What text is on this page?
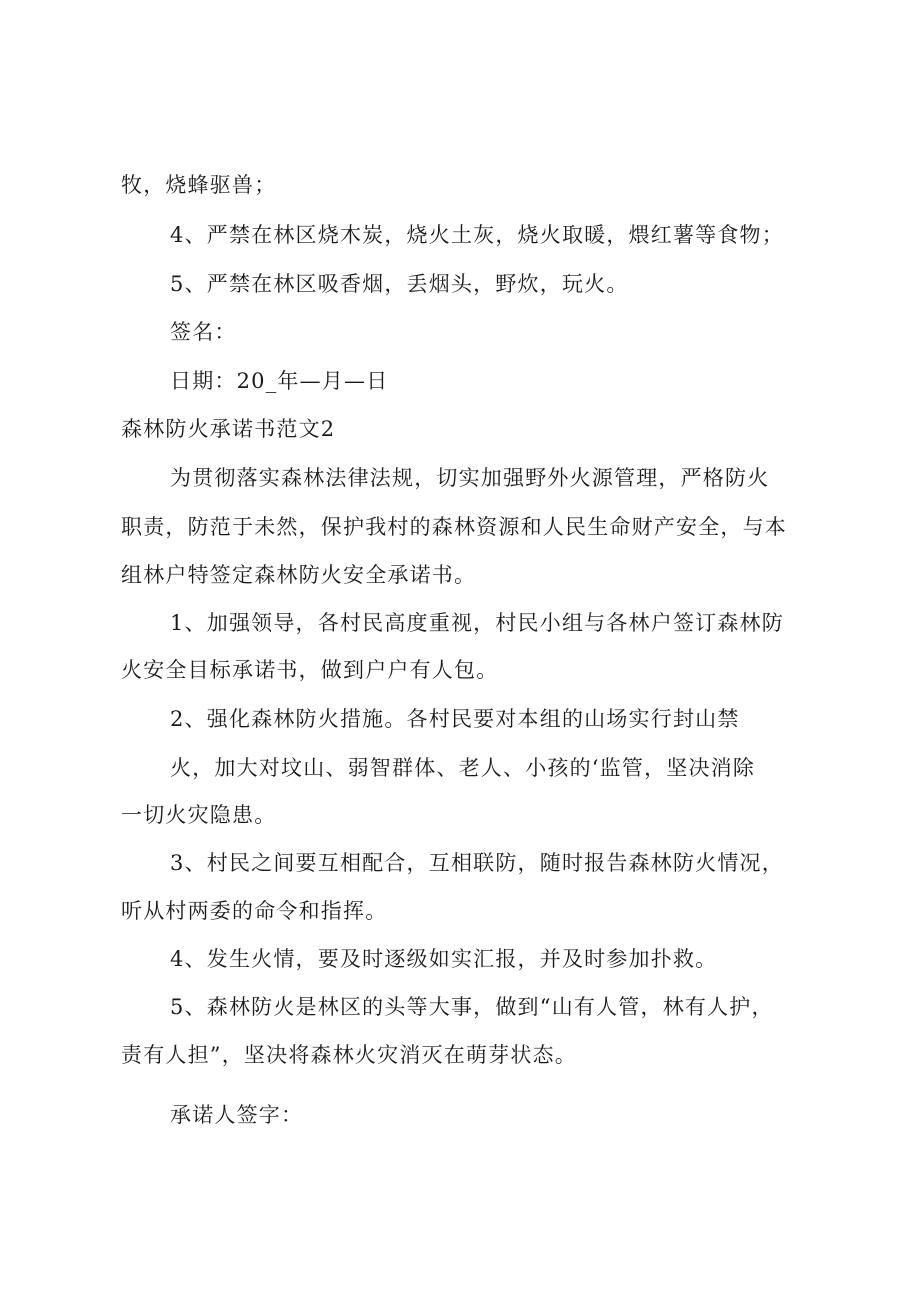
牧，烧蜂驱兽；
4、严禁在林区烧木炭，烧火土灰，烧火取暖，煨红薯等食物；
5、严禁在林区吸香烟，丢烟头，野炊，玩火。
签名：
日期：20_年—月—日
森林防火承诺书范文2
为贯彻落实森林法律法规，切实加强野外火源管理，严格防火
职责，防范于未然，保护我村的森林资源和人民生命财产安全，与本
组林户特签定森林防火安全承诺书。
1、加强领导，各村民高度重视，村民小组与各林户签订森林防
火安全目标承诺书，做到户户有人包。
2、强化森林防火措施。各村民要对本组的山场实行封山禁
火，加大对坟山、弱智群体、老人、小孩的‘监管，坚决消除
一切火灾隐患。
3、村民之间要互相配合，互相联防，随时报告森林防火情况，
听从村两委的命令和指挥。
4、发生火情，要及时逐级如实汇报，并及时参加扑救。
5、森林防火是林区的头等大事，做到“山有人管，林有人护，
责有人担”，坚决将森林火灾消灭在萌芽状态。
承诺人签字：
